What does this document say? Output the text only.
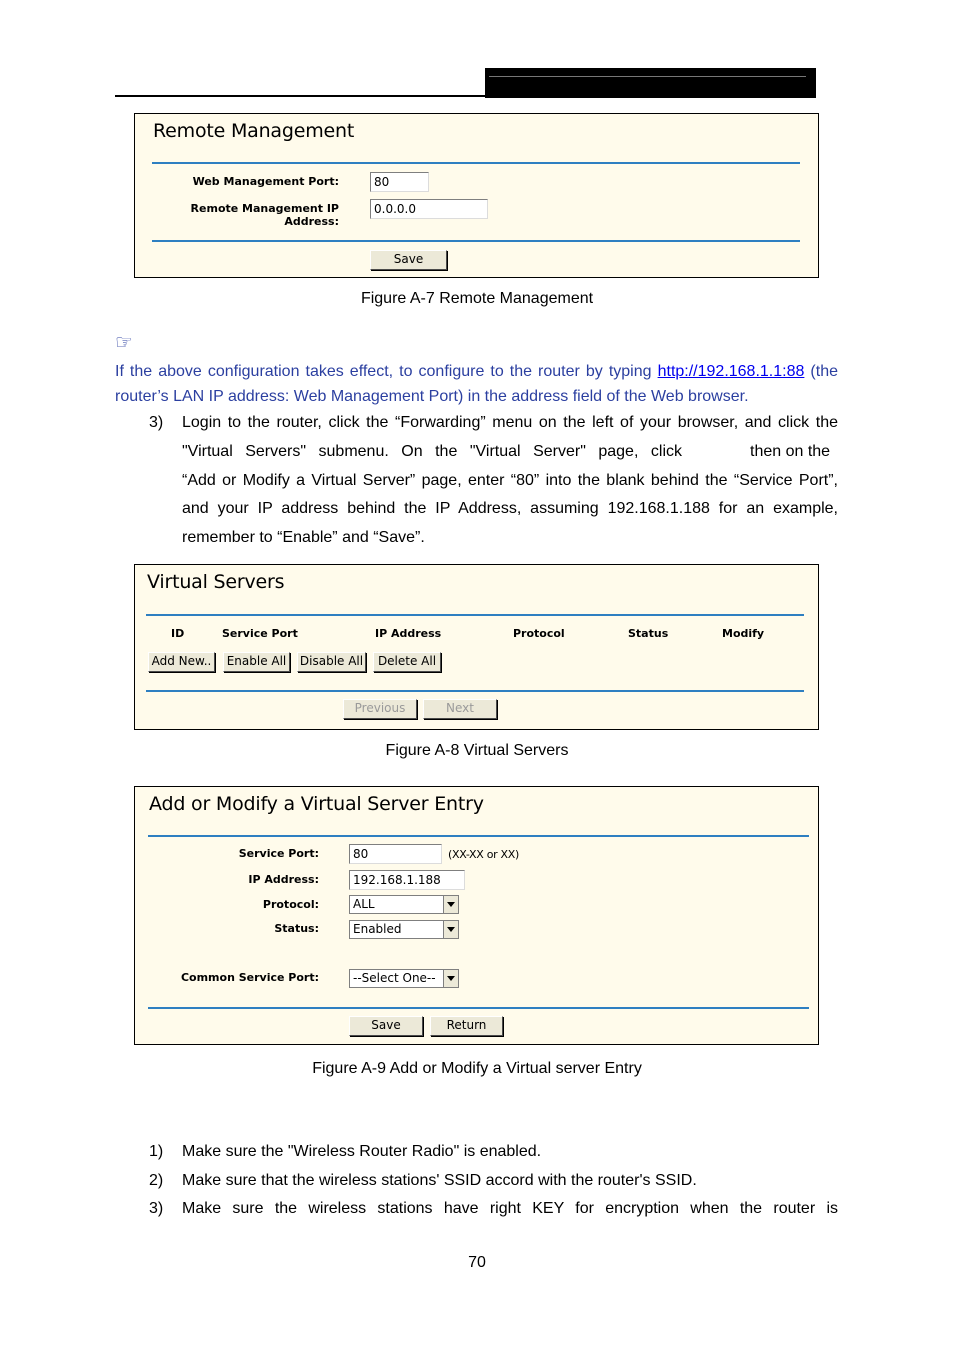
Remote Management
Web Management Port:	80
Remote Management IP Address:
0.0.0.0
Save
Figure A-7 Remote Management
☞
If the above configuration takes effect, to configure to the router by typing http://192.168.1.1:88 (the router’s LAN IP address: Web Management Port) in the address field of the Web browser.
3) Login to the router, click the “Forwarding” menu on the left of your browser, and click the
"Virtual Servers" submenu. On the "Virtual Server" page, click	then on the
“Add or Modify a Virtual Server” page, enter “80” into the blank behind the “Service Port”,
and your IP address behind the IP Address, assuming 192.168.1.188 for an example,
remember to “Enable” and “Save”.
Virtual Servers
ID	Service Port	IP Address	Protocol	Status	Modify
Add New..	Enable All	Disable All	Delete All
Previous	Next
Figure A-8 Virtual Servers
Add or Modify a Virtual Server Entry
Service Port:	80	(XX-XX or XX)
IP Address:	192.168.1.188
Protocol:	ALL
Status:	Enabled
Common Service Port:	--Select One--
Save	Return
Figure A-9 Add or Modify a Virtual server Entry
1) Make sure the "Wireless Router Radio" is enabled.
2) Make sure that the wireless stations' SSID accord with the router's SSID.
3) Make sure the wireless stations have right KEY for encryption when the router is
70
